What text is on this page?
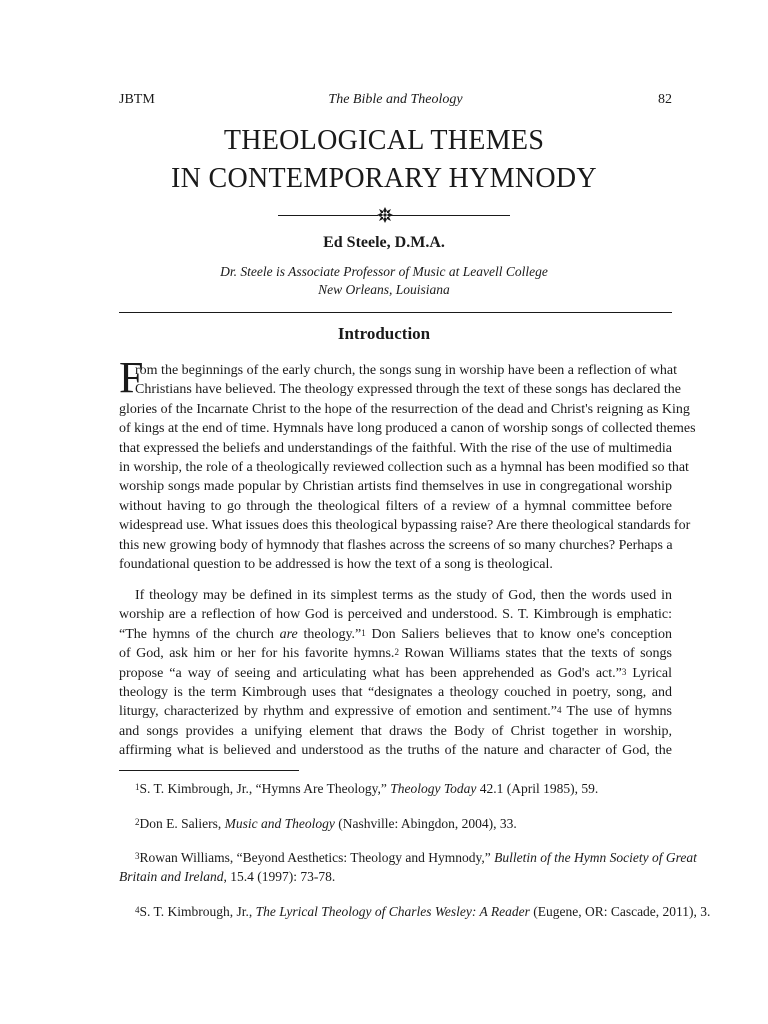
JBTM	The Bible and Theology	82
THEOLOGICAL THEMES
IN CONTEMPORARY HYMNODY
Ed Steele, D.M.A.
Dr. Steele is Associate Professor of Music at Leavell College
New Orleans, Louisiana
Introduction
F
rom the beginnings of the early church, the songs sung in worship have been a reflection of what
Christians have believed. The theology expressed through the text of these songs has declared the
glories of the Incarnate Christ to the hope of the resurrection of the dead and Christ's reigning as King
of kings at the end of time. Hymnals have long produced a canon of worship songs of collected themes
that expressed the beliefs and understandings of the faithful. With the rise of the use of multimedia
in worship, the role of a theologically reviewed collection such as a hymnal has been modified so that
worship songs made popular by Christian artists find themselves in use in congregational worship
without having to go through the theological filters of a review of a hymnal committee before
widespread use. What issues does this theological bypassing raise? Are there theological standards for
this new growing body of hymnody that flashes across the screens of so many churches? Perhaps a
foundational question to be addressed is how the text of a song is theological.
If theology may be defined in its simplest terms as the study of God, then the words used in
worship are a reflection of how God is perceived and understood. S. T. Kimbrough is emphatic:
“The hymns of the church are theology.”$^1$ Don Saliers believes that to know one's conception
of God, ask him or her for his favorite hymns.$^2$ Rowan Williams states that the texts of songs
propose “a way of seeing and articulating what has been apprehended as God's act.”$^3$ Lyrical
theology is the term Kimbrough uses that “designates a theology couched in poetry, song, and
liturgy, characterized by rhythm and expressive of emotion and sentiment.”$^4$ The use of hymns
and songs provides a unifying element that draws the Body of Christ together in worship,
affirming what is believed and understood as the truths of the nature and character of God, the
$^1$S. T. Kimbrough, Jr., “Hymns Are Theology,” Theology Today 42.1 (April 1985), 59.
$^2$Don E. Saliers, Music and Theology (Nashville: Abingdon, 2004), 33.
$^3$Rowan Williams, “Beyond Aesthetics: Theology and Hymnody,” Bulletin of the Hymn Society of Great
Britain and Ireland, 15.4 (1997): 73-78.
$^4$S. T. Kimbrough, Jr., The Lyrical Theology of Charles Wesley: A Reader (Eugene, OR: Cascade, 2011), 3.
